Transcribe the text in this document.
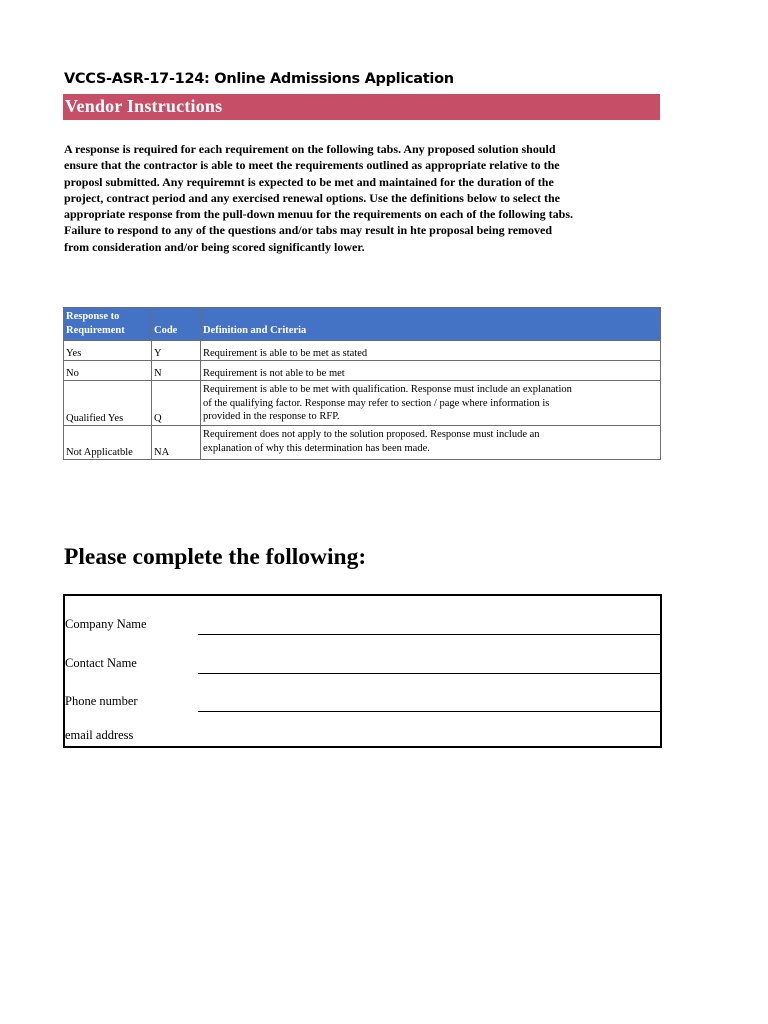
VCCS-ASR-17-124: Online Admissions Application
Vendor Instructions
A response is required for each requirement on the following tabs. Any proposed solution should
ensure that the contractor is able to meet the requirements outlined as appropriate relative to the
proposl submitted. Any requiremnt is expected to be met and maintained for the duration of the
project, contract period and any exercised renewal options. Use the definitions below to select the
appropriate response from the pull-down menuu for the requirements on each of the following tabs.
Failure to respond to any of the questions and/or tabs may result in hte proposal being removed
from consideration and/or being scored significantly lower.
Response to
Requirement	Code	Definition and Criteria
Yes	Y	Requirement is able to be met as stated

No	N	Requirement is not able to be met

Qualified Yes	Q	Requirement is able to be met with qualification. Response must include an explanation
of the qualifying factor. Response may refer to section / page where information is
provided in the response to RFP.

Not Applicatble	NA	Requirement does not apply to the solution proposed. Response must include an
explanation of why this determination has been made.
Please complete the following:
Company Name
Contact Name
Phone number
email address
